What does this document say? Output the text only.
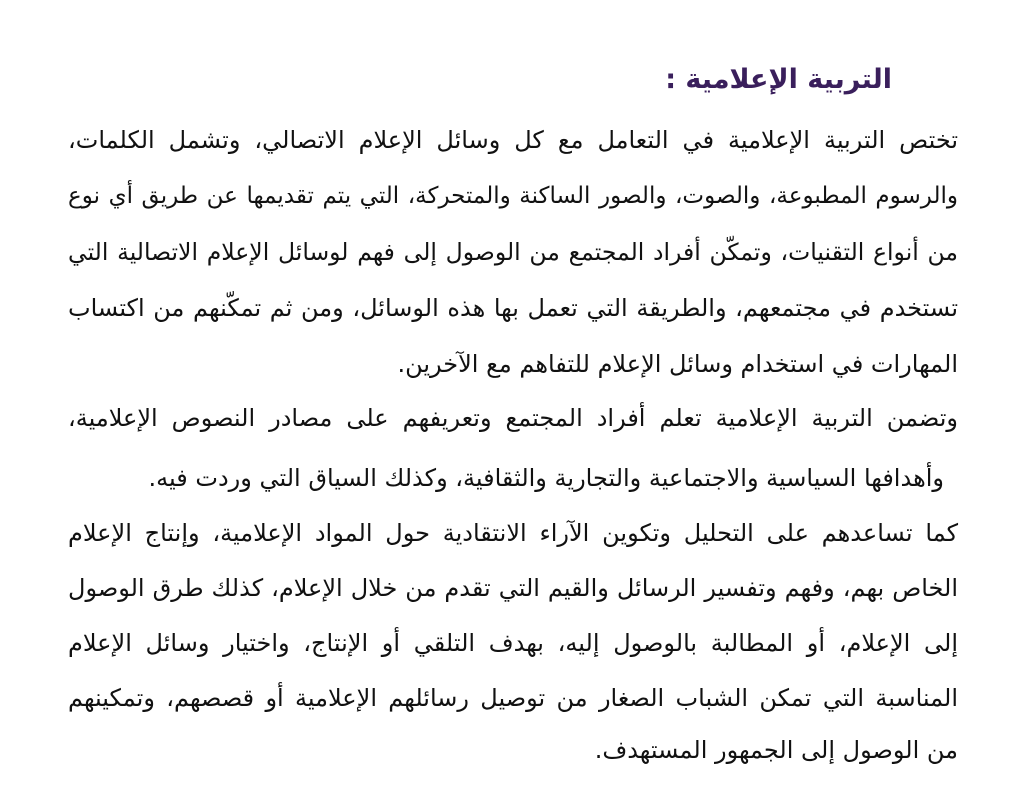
التربية الإعلامية :
تختص التربية الإعلامية في التعامل مع كل وسائل الإعلام الاتصالي، وتشمل الكلمات،
والرسوم المطبوعة، والصوت، والصور الساكنة والمتحركة، التي يتم تقديمها عن طريق أي نوع
من أنواع التقنيات، وتمكّن أفراد المجتمع من الوصول إلى فهم لوسائل الإعلام الاتصالية التي
تستخدم في مجتمعهم، والطريقة التي تعمل بها هذه الوسائل، ومن ثم تمكّنهم من اكتساب
المهارات في استخدام وسائل الإعلام للتفاهم مع الآخرين.
وتضمن التربية الإعلامية تعلم أفراد المجتمع وتعريفهم على مصادر النصوص الإعلامية،
وأهدافها السياسية والاجتماعية والتجارية والثقافية، وكذلك السياق التي وردت فيه.
كما تساعدهم على التحليل وتكوين الآراء الانتقادية حول المواد الإعلامية، وإنتاج الإعلام
الخاص بهم، وفهم وتفسير الرسائل والقيم التي تقدم من خلال الإعلام، كذلك طرق الوصول
إلى الإعلام، أو المطالبة بالوصول إليه، بهدف التلقي أو الإنتاج، واختيار وسائل الإعلام
المناسبة التي تمكن الشباب الصغار من توصيل رسائلهم الإعلامية أو قصصهم، وتمكينهم
من الوصول إلى الجمهور المستهدف.
